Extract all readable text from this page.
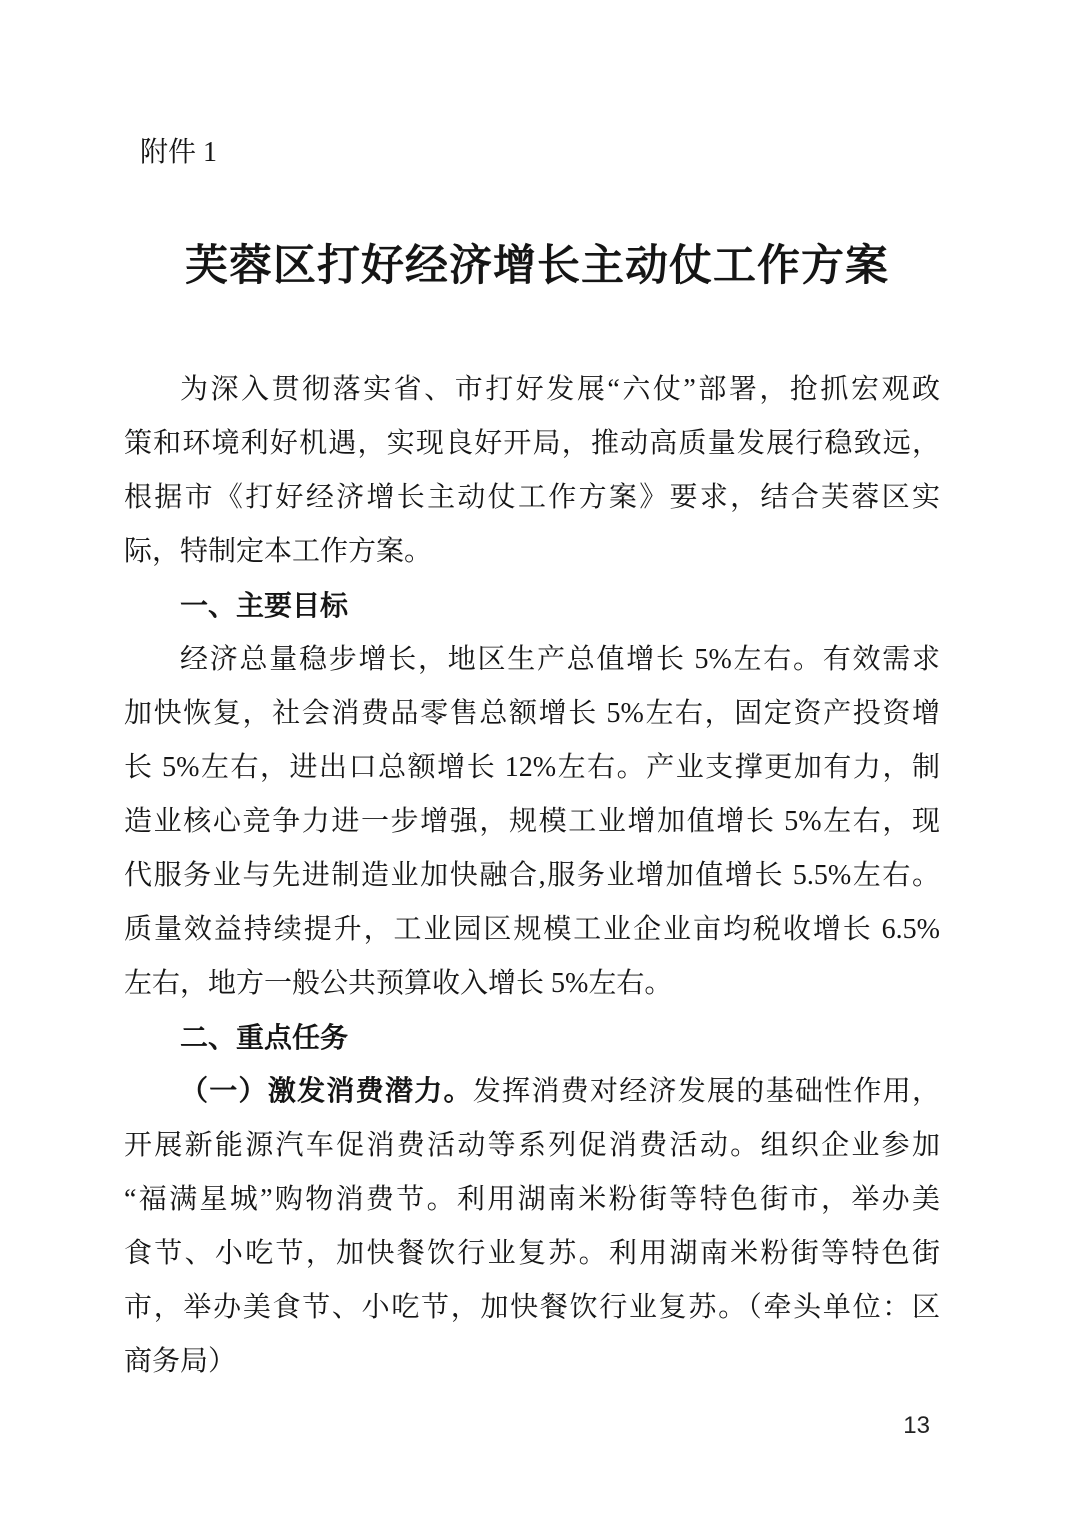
附件 1
芙蓉区打好经济增长主动仗工作方案
为深入贯彻落实省、市打好发展“六仗”部署，抢抓宏观政
策和环境利好机遇，实现良好开局，推动高质量发展行稳致远，
根据市《打好经济增长主动仗工作方案》要求，结合芙蓉区实
际，特制定本工作方案。
一、主要目标
经济总量稳步增长，地区生产总值增长 5%左右。有效需求
加快恢复，社会消费品零售总额增长 5%左右，固定资产投资增
长 5%左右，进出口总额增长 12%左右。产业支撑更加有力，制
造业核心竞争力进一步增强，规模工业增加值增长 5%左右，现
代服务业与先进制造业加快融合,服务业增加值增长 5.5%左右。
质量效益持续提升，工业园区规模工业企业亩均税收增长 6.5%
左右，地方一般公共预算收入增长 5%左右。
二、重点任务
（一）激发消费潜力。发挥消费对经济发展的基础性作用，
开展新能源汽车促消费活动等系列促消费活动。组织企业参加
“福满星城”购物消费节。利用湖南米粉街等特色街市，举办美
食节、小吃节，加快餐饮行业复苏。利用湖南米粉街等特色街
市，举办美食节、小吃节，加快餐饮行业复苏。（牵头单位：区
商务局）
13
